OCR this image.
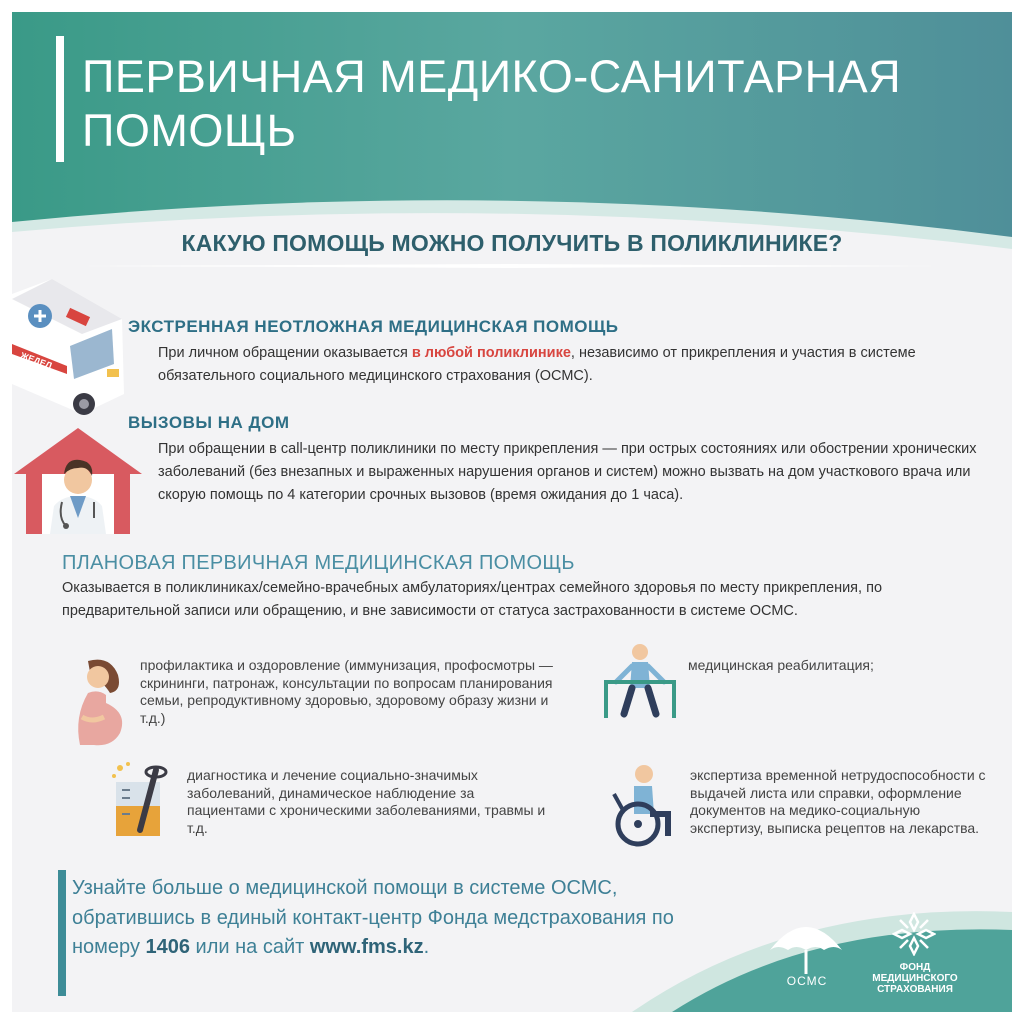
ПЕРВИЧНАЯ МЕДИКО-САНИТАРНАЯ
ПОМОЩЬ
КАКУЮ ПОМОЩЬ МОЖНО ПОЛУЧИТЬ В ПОЛИКЛИНИКЕ?
ЖЕДЕЛ
ЭКСТРЕННАЯ НЕОТЛОЖНАЯ МЕДИЦИНСКАЯ ПОМОЩЬ
При личном обращении оказывается в любой поликлинике, независимо от прикрепления и участия в системе обязательного социального медицинского страхования (ОСМС).
ВЫЗОВЫ НА ДОМ
При обращении в call-центр поликлиники по месту прикрепления — при острых состояниях или обострении хронических заболеваний (без внезапных и выраженных нарушения органов и систем) можно вызвать на дом участкового врача или скорую помощь по 4 категории срочных вызовов (время ожидания до 1 часа).
ПЛАНОВАЯ ПЕРВИЧНАЯ МЕДИЦИНСКАЯ ПОМОЩЬ
Оказывается в поликлиниках/семейно-врачебных амбулаториях/центрах семейного здоровья по месту прикрепления, по предварительной записи или обращению, и вне зависимости от статуса застрахованности в системе ОСМС.
профилактика и оздоровление (иммунизация, профосмотры — скрининги, патронаж, консультации по вопросам планирования семьи, репродуктивному здоровью, здоровому образу жизни и т.д.)
медицинская реабилитация;
диагностика и лечение социально-значимых заболеваний, динамическое наблюдение за пациентами с хроническими заболеваниями, травмы и т.д.
экспертиза временной нетрудоспособности с выдачей листа или справки, оформление документов на медико-социальную экспертизу, выписка рецептов на лекарства.
Узнайте больше о медицинской помощи в системе ОСМС, обратившись в единый контакт-центр Фонда медстрахования по номеру 1406 или на сайт www.fms.kz.
ОСМС
ФОНД
МЕДИЦИНСКОГО
СТРАХОВАНИЯ
